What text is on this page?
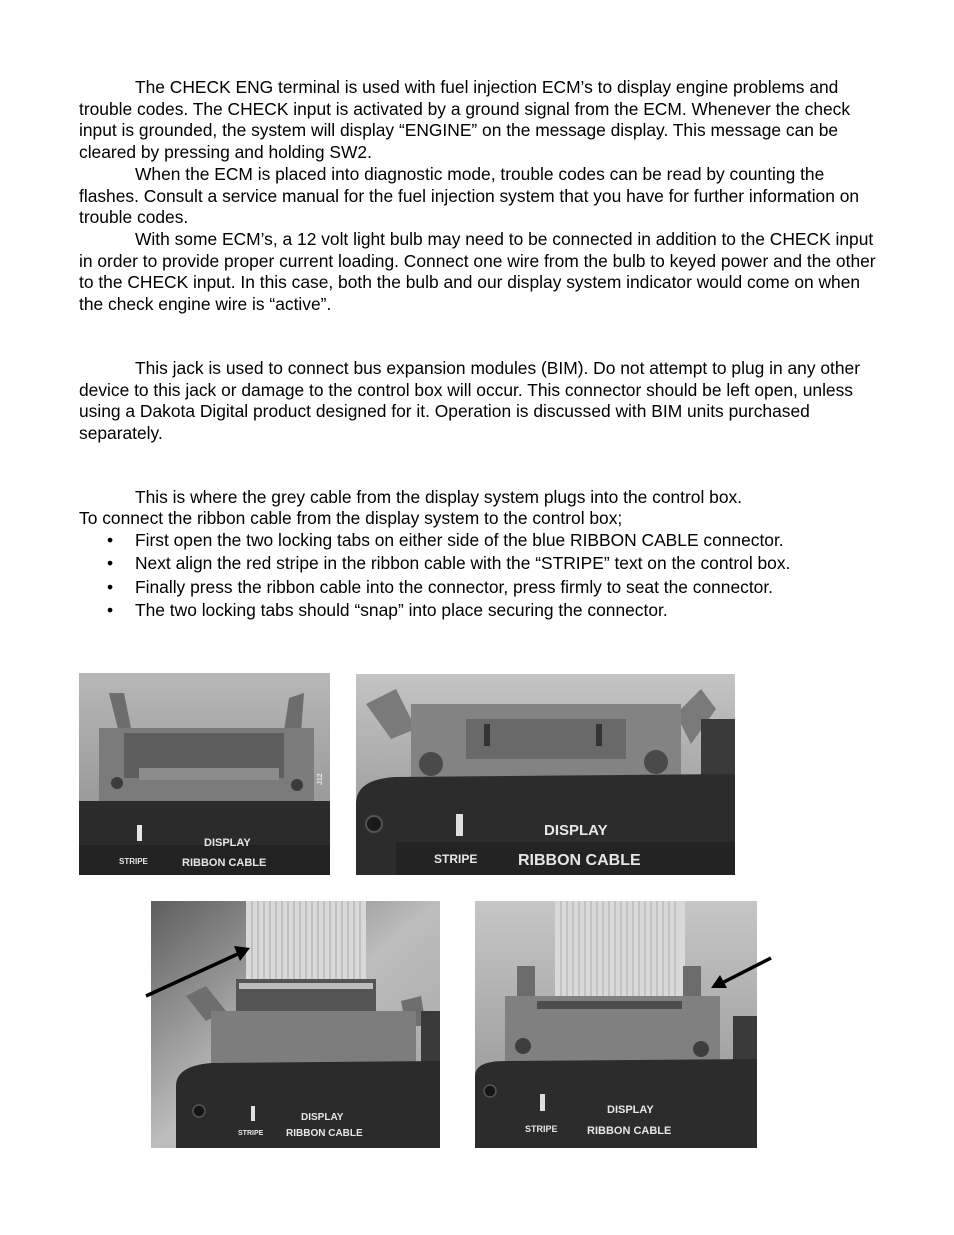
The CHECK ENG terminal is used with fuel injection ECM’s to display engine problems and trouble codes. The CHECK input is activated by a ground signal from the ECM. Whenever the check input is grounded, the system will display “ENGINE” on the message display. This message can be cleared by pressing and holding SW2.

When the ECM is placed into diagnostic mode, trouble codes can be read by counting the flashes. Consult a service manual for the fuel injection system that you have for further information on trouble codes.

With some ECM’s, a 12 volt light bulb may need to be connected in addition to the CHECK input in order to provide proper current loading. Connect one wire from the bulb to keyed power and the other to the CHECK input. In this case, both the bulb and our display system indicator would come on when the check engine wire is “active”.

This jack is used to connect bus expansion modules (BIM). Do not attempt to plug in any other device to this jack or damage to the control box will occur. This connector should be left open, unless using a Dakota Digital product designed for it. Operation is discussed with BIM units purchased separately.

This is where the grey cable from the display system plugs into the control box.

To connect the ribbon cable from the display system to the control box;

• First open the two locking tabs on either side of the blue RIBBON CABLE connector.
• Next align the red stripe in the ribbon cable with the “STRIPE” text on the control box.
• Finally press the ribbon cable into the connector, press firmly to seat the connector.
• The two locking tabs should “snap” into place securing the connector.
DISPLAY
STRIPE	RIBBON CABLE
J12
DISPLAY
STRIPE	RIBBON CABLE
DISPLAY
STRIPE RIBBON CABLE
DISPLAY
STRIPE	RIBBON CABLE
